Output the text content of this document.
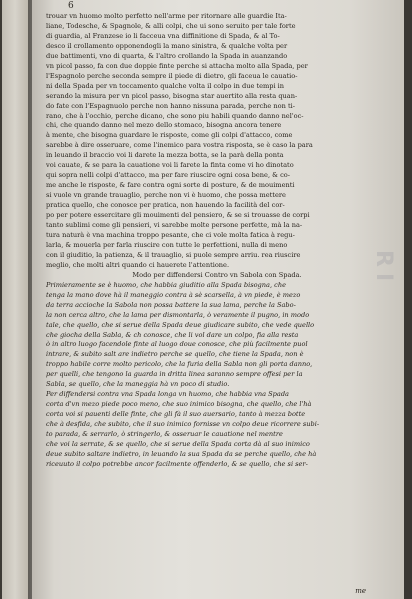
6
trouar vn huomo molto perfetto nell'arme per ritornare alle guardie Ita-
liane, Todesche, & Spagnole, & alli colpi, che ui sono seruito per tale forte
di guardia, al Franzese io li facceua vna diffinitione di Spada, & al To-
desco il crollamento opponendogli la mano sinistra, & qualche volta per
due battimenti, vno di quarta, & l'altro crollando la Spada in auanzando
vn picol passo, fa con due doppie finte perche si attacha molto alla Spada, per
l'Espagnolo perche seconda sempre il piede di dietro, gli faceua le cauatio-
ni della Spada per vn toccamento qualche volta il colpo in due tempi in
serando la misura per vn picol passo, bisogna star auertito alla resta quan-
do fate con l'Espagnuolo perche non hanno nissuna parada, perche non ti-
rano, che à l'occhio, perche dicano, che sono piu habili quando danno nel'oc-
chi, che quando danno nel mezo dello stomaco, bisogna ancora tenere
à mente, che bisogna guardare le risposte, come gli colpi d'attacco, come
sarebbe à dire osseruare, come l'inemico para vostra risposta, se è caso la para
in leuando il braccio voi li darete la mezza botta, se la parà della ponta
voi cauate, & se para la cauatione voi li farete la finta come vi ho dinotato
qui sopra nelli colpi d'attacco, ma per fare riuscire ogni cosa bene, & co-
me anche le risposte, & fare contra ogni sorte di posture, & de mouimenti
si vuole vn grande trauaglio, perche non vi è huomo, che possa mettere
pratica quello, che conosce per pratica, non hauendo la facilità del cor-
po per potere essercitare gli mouimenti del pensiero, & se si trouasse de corpi
tanto sublimi come gli pensieri, vi sarebbe molte persone perfette, mà la na-
tura naturà è vna machina troppo pesante, che ci vole molta fatica à regu-
larla, & mouerla per farla riuscire con tutte le perfettioni, nulla di meno
con il giuditio, la patienza, & il trauaglio, si puole sempre arriu. rea riuscire
meglio, che molti altri quando ci hauerete l'attentione.
Modo per diffendersi Contro vn Sabola con Spada.
Primieramente se è huomo, che habbia giuditio alla Spada bisogna, che
tenga la mano dove hà il maneggio contra à sè scarsella, à vn piede, è mezo
da terra accioche la Sabola non possa battere la sua lama, perche la Sabo-
la non cerca altro, che la lama per dismontarla, ò veramente il pugno, in modo
tale, che quello, che si serue della Spada deue giudicare subito, che vede quello
che giocha della Sabla, & ch conosce, che li vol dare un colpo, fia alla resta
ò in altro luogo facendole finte al luogo doue conosce, che più facilmente puol
intrare, & subito salt are indietro perche se quello, che tiene la Spada, non è
troppo habile corre molto pericolo, che la furia della Sabla non gli porta danno,
per quelli, che tengono la guarda in dritta linea saranno sempre offesi per la
Sabla, se quello, che la maneggia hà vn poco di studio.
Per diffendersi contra vna Spada longa vn huomo, che habbia vna Spada
corta d'vn mezo piede poco meno, che suo inimico bisogna, che quello, che l'hà
corta voi si pauenti delle finte, che gli fà il suo auersario, tanto à mezza botte
che à desfida, che subito, che il suo inimico fornisse vn colpo deue ricorrere subi-
to parada, & serrarlo, ò stringerlo, & osseruar le cauatione nel mentre
che voi la serrate, & se quello, che si serue della Spada corta dà al suo inimico
deue subito saltare indietro, in leuando la sua Spada da se perche quello, che hà
riceuuto il colpo potrebbe ancor facilmente offenderlo, & se quello, che si ser-
RI
me
